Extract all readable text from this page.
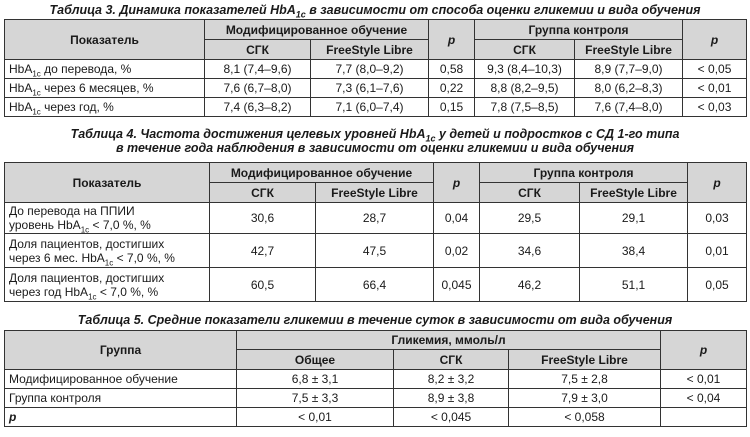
Таблица 3. Динамика показателей HbA$_{1c}$ в зависимости от способа оценки гликемии и вида обучения
Показатель	Модифицированное обучение		p	Группа контроля		p
	СГК	FreeStyle Libre		СГК	FreeStyle Libre	
HbA$_{1c}$ до перевода, %	8,1 (7,4–9,6)	7,7 (8,0–9,2)	0,58	9,3 (8,4–10,3)	8,9 (7,7–9,0)	< 0,05
HbA$_{1c}$ через 6 месяцев, %	7,6 (6,7–8,0)	7,3 (6,1–7,6)	0,22	8,8 (8,2–9,5)	8,0 (6,2–8,3)	< 0,01
HbA$_{1c}$ через год, %	7,4 (6,3–8,2)	7,1 (6,0–7,4)	0,15	7,8 (7,5–8,5)	7,6 (7,4–8,0)	< 0,03
Таблица 4. Частота достижения целевых уровней HbA$_{1c}$ у детей и подростков с СД 1-го типа
в течение года наблюдения в зависимости от оценки гликемии и вида обучения
Показатель	Модифицированное обучение		p	Группа контроля		p
	СГК	FreeStyle Libre		СГК	FreeStyle Libre	

До перевода на ППИИ
уровень HbA$_{1c}$ < 7,0 %, %	30,6	28,7	0,04	29,5	29,1	0,03

Доля пациентов, достигших
через 6 мес. HbA$_{1c}$ < 7,0 %, %	42,7	47,5	0,02	34,6	38,4	0,01

Доля пациентов, достигших
через год HbA$_{1c}$ < 7,0 %, %	60,5	66,4	0,045	46,2	51,1	0,05
Таблица 5. Средние показатели гликемии в течение суток в зависимости от вида обучения
Группа	Гликемия, ммоль/л			p
	Общее	СГК	FreeStyle Libre	
Модифицированное обучение	6,8 ± 3,1	8,2 ± 3,2	7,5 ± 2,8	< 0,01
Группа контроля	7,5 ± 3,3	8,9 ± 3,8	7,9 ± 3,0	< 0,04
p	< 0,01	< 0,045	< 0,058	
